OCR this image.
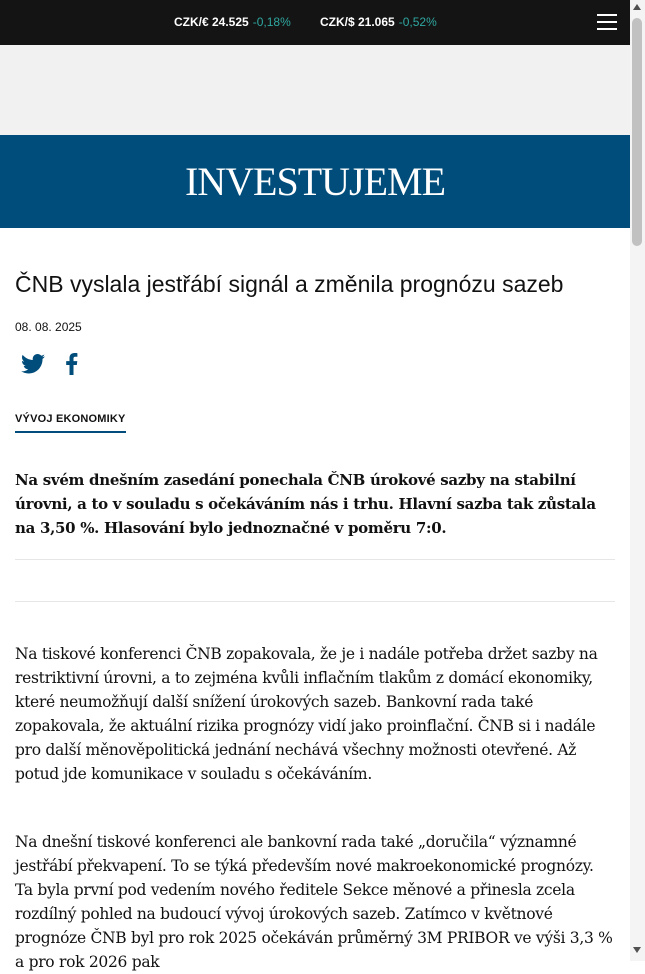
CZK/€ 24.525 -0,18% CZK/$ 21.065 -0,52%
INVESTUJEME
ČNB vyslala jestřábí signál a změnila prognózu sazeb
08. 08. 2025
VÝVOJ EKONOMIKY

Na svém dnešním zasedání ponechala ČNB úrokové sazby na stabilní úrovni, a to v souladu s očekáváním nás i trhu. Hlavní sazba tak zůstala na 3,50 %. Hlasování bylo jednoznačné v poměru 7:0.

Na tiskové konferenci ČNB zopakovala, že je i nadále potřeba držet sazby na restriktivní úrovni, a to zejména kvůli inflačním tlakům z domácí ekonomiky, které neumožňují další snížení úrokových sazeb. Bankovní rada také zopakovala, že aktuální rizika prognózy vidí jako proinflační. ČNB si i nadále pro další měnověpolitická jednání nechává všechny možnosti otevřené. Až potud jde komunikace v souladu s očekáváním.

Na dnešní tiskové konferenci ale bankovní rada také „doručila“ významné jestřábí překvapení. To se týká především nové makroekonomické prognózy. Ta byla první pod vedením nového ředitele Sekce měnové a přinesla zcela rozdílný pohled na budoucí vývoj úrokových sazeb. Zatímco v květnové prognóze ČNB byl pro rok 2025 očekáván průměrný 3M PRIBOR ve výši 3,3 % a pro rok 2026 pak
